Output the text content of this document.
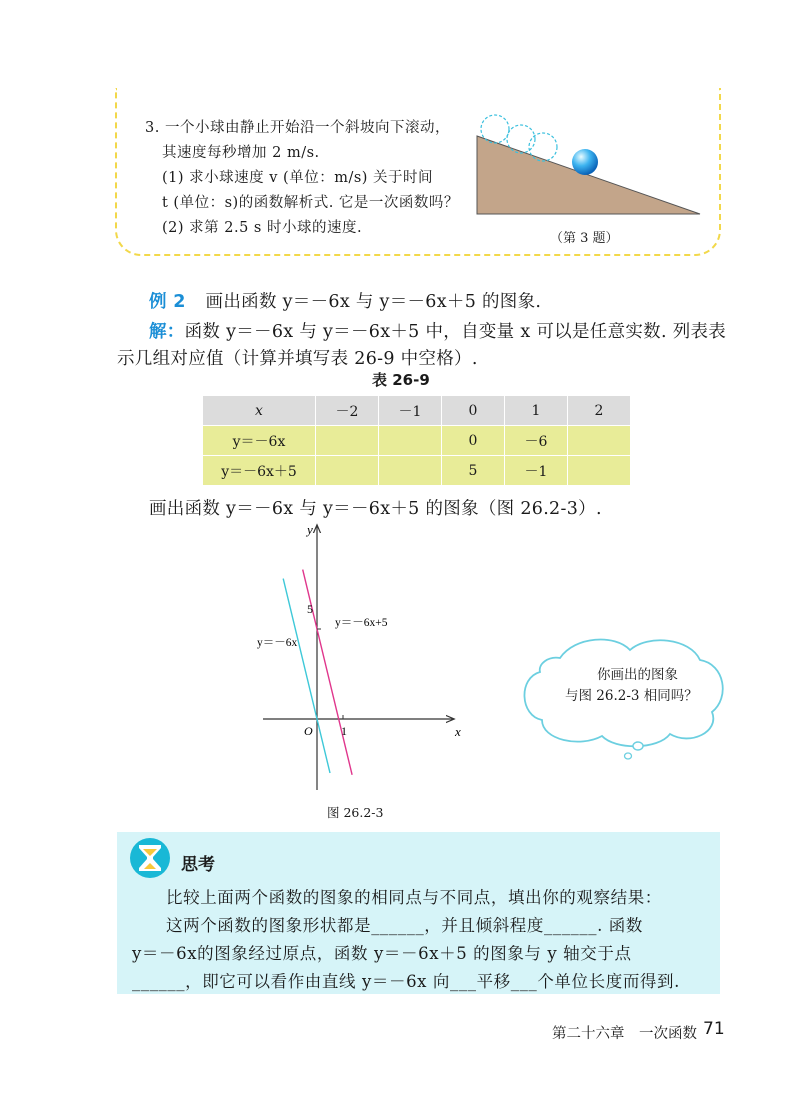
3. 一个小球由静止开始沿一个斜坡向下滚动，
其速度每秒增加 2 m/s.
(1) 求小球速度 v (单位：m/s) 关于时间
t (单位：s)的函数解析式. 它是一次函数吗？
(2) 求第 2.5 s 时小球的速度.
（第 3 题）
例 2 画出函数 y＝－6x 与 y＝－6x＋5 的图象.
解：函数 y＝－6x 与 y＝－6x＋5 中，自变量 x 可以是任意实数. 列表表
示几组对应值（计算并填写表 26-9 中空格）.
表 26-9
x	－2	－1	0	1	2
y＝－6x			0	－6	
y＝－6x＋5			5	－1	
画出函数 y＝－6x 与 y＝－6x＋5 的图象（图 26.2-3）.
x
y
O 1
5
y＝－6x
y＝－6x+5
图 26.2-3
你画出的图象
与图 26.2-3 相同吗？
思考
比较上面两个函数的图象的相同点与不同点，填出你的观察结果：
这两个函数的图象形状都是______，并且倾斜程度______. 函数
y＝－6x的图象经过原点，函数 y＝－6x＋5 的图象与 y 轴交于点
______，即它可以看作由直线 y＝－6x 向___平移___个单位长度而得到.
第二十六章　一次函数 71
